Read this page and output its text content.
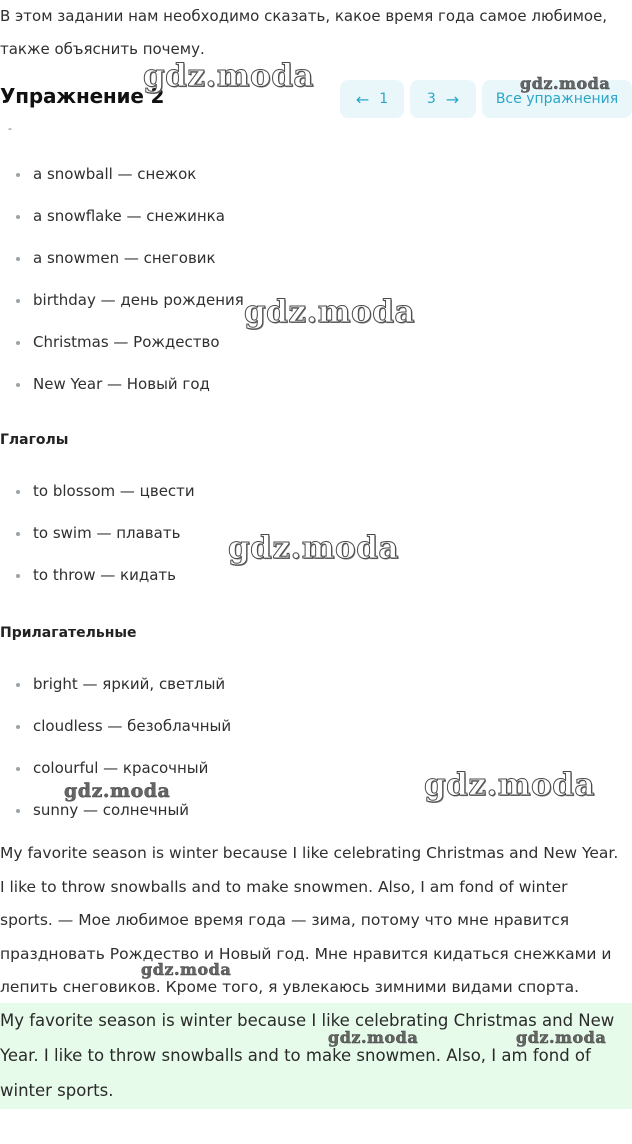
В этом задании нам необходимо сказать, какое время года самое любимое, также объяснить почему.
Упражнение 2	← 1	3 →	Все упражнения
-
a snowball — снежок
a snowflake — снежинка
a snowmen — снеговик
birthday — день рождения
Christmas — Рождество
New Year — Новый год
Глаголы
to blossom — цвести
to swim — плавать
to throw — кидать
Прилагательные
bright — яркий, светлый
cloudless — безоблачный
colourful — красочный
sunny — солнечный
My favorite season is winter because I like celebrating Christmas and New Year. I like to throw snowballs and to make snowmen. Also, I am fond of winter sports. — Мое любимое время года — зима, потому что мне нравится праздновать Рождество и Новый год. Мне нравится кидаться снежками и лепить снеговиков. Кроме того, я увлекаюсь зимними видами спорта.
My favorite season is winter because I like celebrating Christmas and New Year. I like to throw snowballs and to make snowmen. Also, I am fond of winter sports.
gdz.moda	gdz.moda
gdz.moda
gdz.moda
gdz.moda
gdz.moda
gdz.moda
gdz.moda	gdz.moda
